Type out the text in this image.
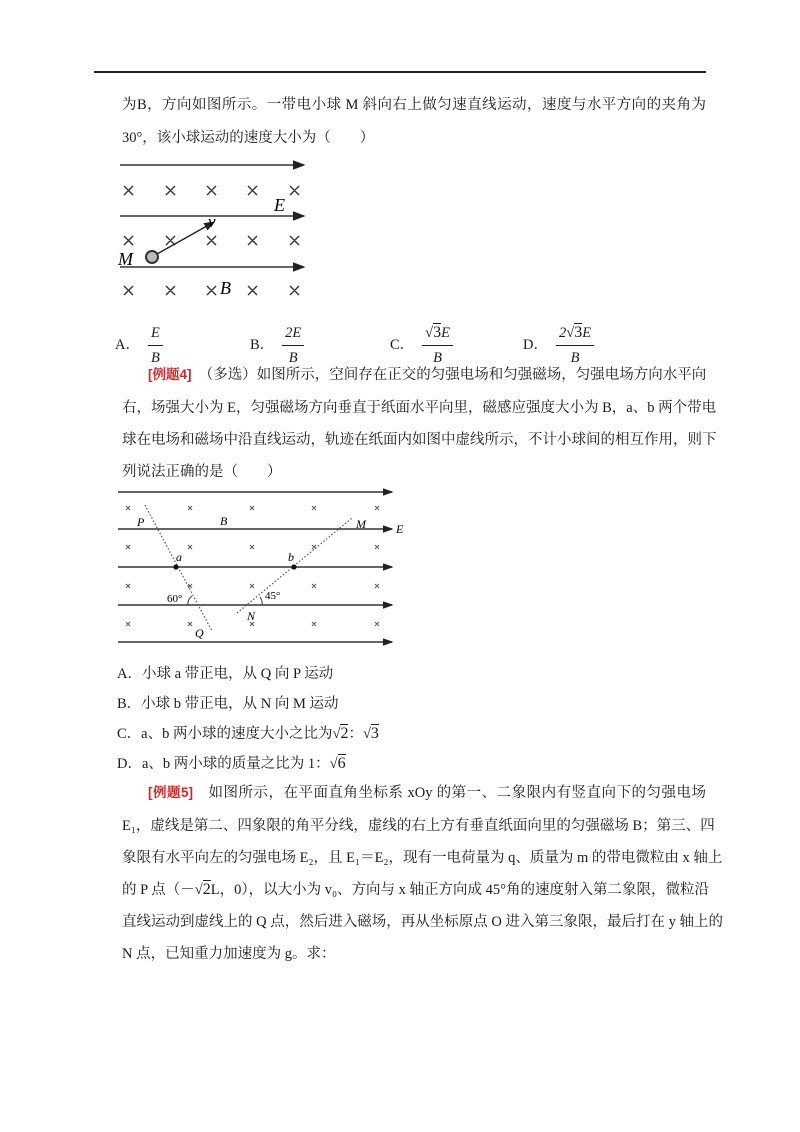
为B，方向如图所示。一带电小球 M 斜向右上做匀速直线运动，速度与水平方向的夹角为
30°，该小球运动的速度大小为（　　）
v
E
M
B
A． $\frac{E}{B}$	B． $\frac{2E}{B}$	C． $\frac{√3E}{B}$	D． $\frac{2√3E}{B}$
[例题4]　 （多选）如图所示，空间存在正交的匀强电场和匀强磁场，匀强电场方向水平向
右，场强大小为 E，匀强磁场方向垂直于纸面水平向里，磁感应强度大小为 B，a、b 两个带电
球在电场和磁场中沿直线运动，轨迹在纸面内如图中虚线所示，不计小球间的相互作用，则下
列说法正确的是（　　）
P	B	M	E
a	b
60°	45°
Q
N
A．小球 a 带正电，从 Q 向 P 运动
B．小球 b 带正电，从 N 向 M 运动
C．a、b 两小球的速度大小之比为√2：√3
D．a、b 两小球的质量之比为 1：√6
[例题5]　 如图所示，在平面直角坐标系 xOy 的第一、二象限内有竖直向下的匀强电场
E₁，虚线是第二、四象限的角平分线，虚线的右上方有垂直纸面向里的匀强磁场 B；第三、四
象限有水平向左的匀强电场 E₂，且 E₁＝E₂，现有一电荷量为 q、质量为 m 的带电微粒由 x 轴上
的 P 点（－√2L，0），以大小为 v₀、方向与 x 轴正方向成 45°角的速度射入第二象限，微粒沿
直线运动到虚线上的 Q 点，然后进入磁场，再从坐标原点 O 进入第三象限，最后打在 y 轴上的
N 点，已知重力加速度为 g。求：
